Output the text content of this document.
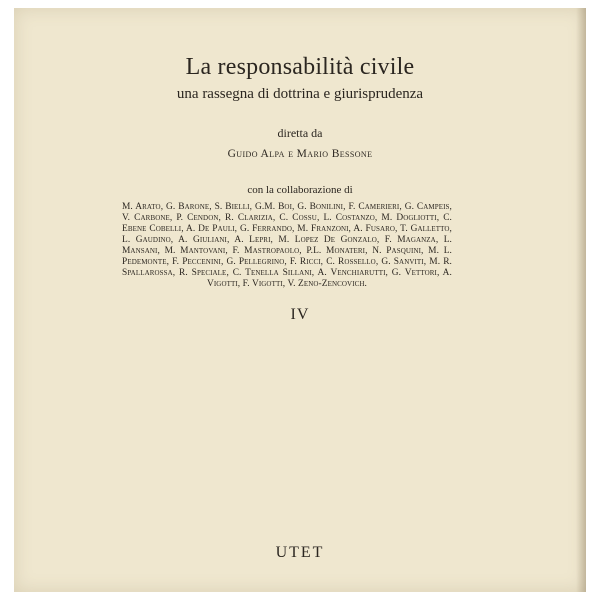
La responsabilità civile
una rassegna di dottrina e giurisprudenza
diretta da
Guido Alpa e Mario Bessone
con la collaborazione di
M. Arato, G. Barone, S. Bielli, G.M. Boi, G. Bonilini, F. Camerieri, G. Campeis, V. Carbone, P. Cendon, R. Clarizia, C. Cossu, L. Costanzo, M. Dogliotti, C. Ebene Cobelli, A. De Pauli, G. Ferrando, M. Franzoni, A. Fusaro, T. Galletto, L. Gaudino, A. Giuliani, A. Lepri, M. Lopez De Gonzalo, F. Maganza, L. Mansani, M. Mantovani, F. Mastropaolo, P.L. Monateri, N. Pasquini, M. L. Pedemonte, F. Peccenini, G. Pellegrino, F. Ricci, C. Rossello, G. Sanviti, M. R. Spallarossa, R. Speciale, C. Tenella Sillani, A. Venchiarutti, G. Vettori, A. Vigotti, F. Vigotti, V. Zeno-Zencovich.
IV
UTET
